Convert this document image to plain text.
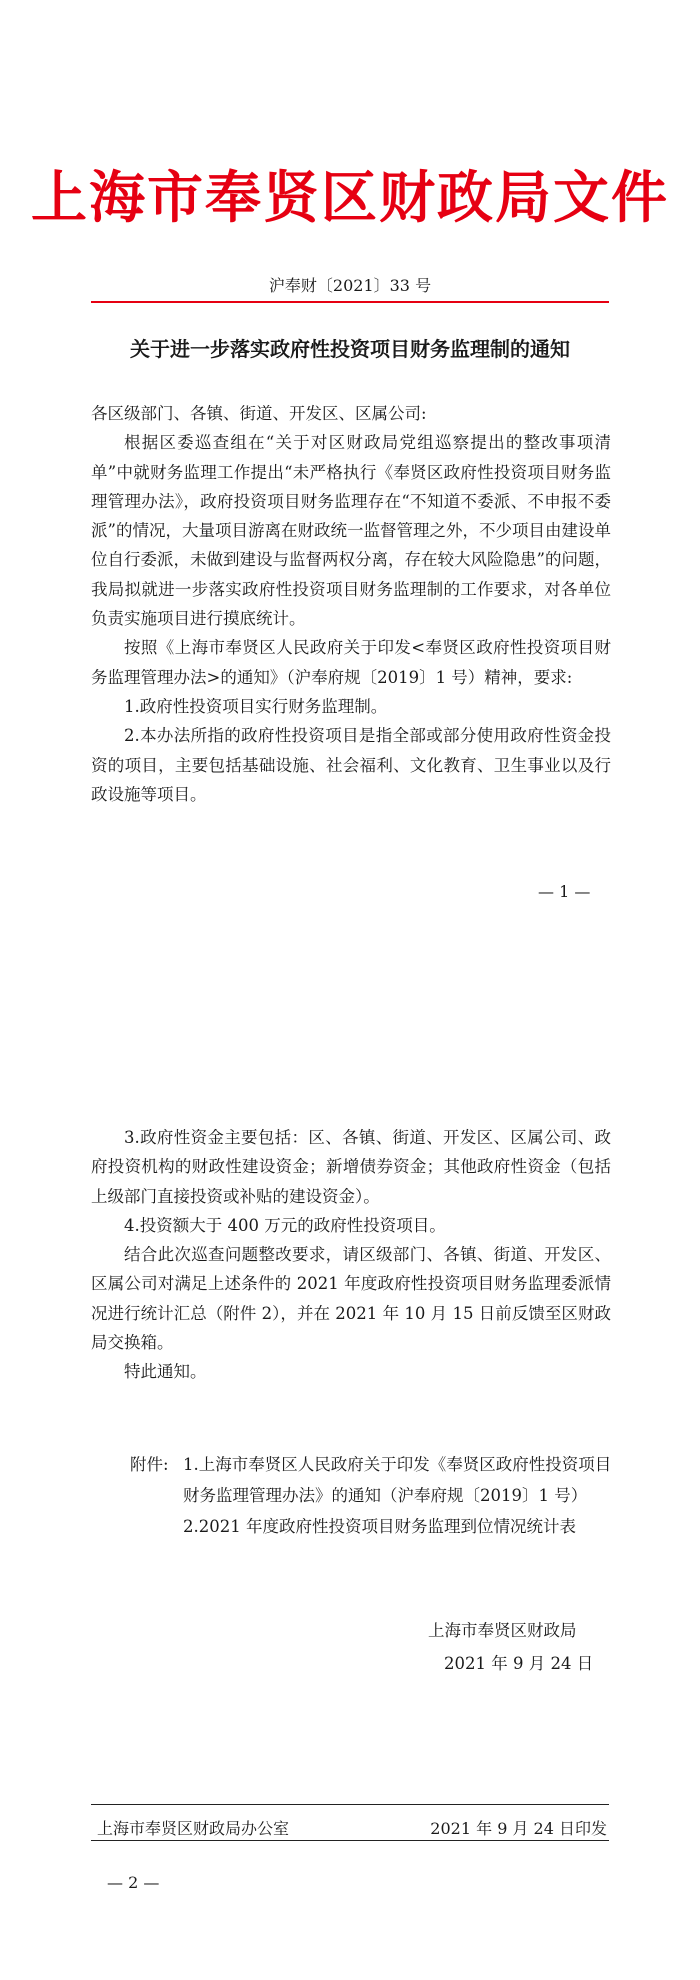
上海市奉贤区财政局文件
沪奉财〔2021〕33 号
关于进一步落实政府性投资项目财务监理制的通知

各区级部门、各镇、街道、开发区、区属公司:

根据区委巡查组在“关于对区财政局党组巡察提出的整改事项清单”中就财务监理工作提出“未严格执行《奉贤区政府性投资项目财务监理管理办法》，政府投资项目财务监理存在“不知道不委派、不申报不委派”的情况，大量项目游离在财政统一监督管理之外，不少项目由建设单位自行委派，未做到建设与监督两权分离，存在较大风险隐患”的问题，我局拟就进一步落实政府性投资项目财务监理制的工作要求，对各单位负责实施项目进行摸底统计。

按照《上海市奉贤区人民政府关于印发<奉贤区政府性投资项目财务监理管理办法>的通知》（沪奉府规〔2019〕1 号）精神，要求:

1.政府性投资项目实行财务监理制。

2.本办法所指的政府性投资项目是指全部或部分使用政府性资金投资的项目，主要包括基础设施、社会福利、文化教育、卫生事业以及行政设施等项目。

— 1 —

3.政府性资金主要包括：区、各镇、街道、开发区、区属公司、政府投资机构的财政性建设资金；新增债券资金；其他政府性资金（包括上级部门直接投资或补贴的建设资金）。

4.投资额大于 400 万元的政府性投资项目。

结合此次巡查问题整改要求，请区级部门、各镇、街道、开发区、区属公司对满足上述条件的 2021 年度政府性投资项目财务监理委派情况进行统计汇总（附件 2），并在 2021 年 10 月 15 日前反馈至区财政局交换箱。

特此通知。

附件: 1.上海市奉贤区人民政府关于印发《奉贤区政府性投资项目财务监理管理办法》的通知（沪奉府规〔2019〕1 号）
2.2021 年度政府性投资项目财务监理到位情况统计表
上海市奉贤区财政局
2021 年 9 月 24 日
上海市奉贤区财政局办公室	2021 年 9 月 24 日印发
— 2 —
